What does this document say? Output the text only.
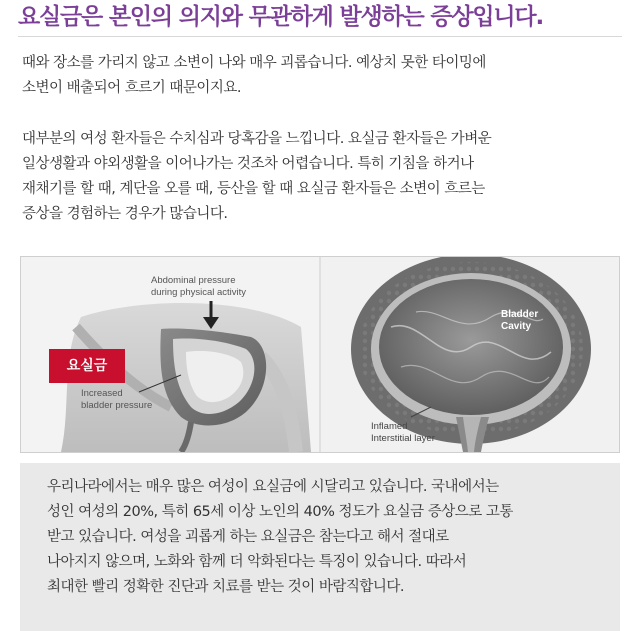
요실금은 본인의 의지와 무관하게 발생하는 증상입니다.
때와 장소를 가리지 않고 소변이 나와 매우 괴롭습니다. 예상치 못한 타이밍에
소변이 배출되어 흐르기 때문이지요.
대부분의 여성 환자들은 수치심과 당혹감을 느낍니다. 요실금 환자들은 가벼운
일상생활과 야외생활을 이어나가는 것조차 어렵습니다. 특히 기침을 하거나
재채기를 할 때, 계단을 오를 때, 등산을 할 때 요실금 환자들은 소변이 흐르는
증상을 경험하는 경우가 많습니다.
Abdominal pressure
during physical activity
Increased
bladder pressure
요실금
Bladder
Cavity
Inflamed
Interstitial layer
우리나라에서는 매우 많은 여성이 요실금에 시달리고 있습니다. 국내에서는
성인 여성의 20%, 특히 65세 이상 노인의 40% 정도가 요실금 증상으로 고통
받고 있습니다. 여성을 괴롭게 하는 요실금은 참는다고 해서 절대로
나아지지 않으며, 노화와 함께 더 악화된다는 특징이 있습니다. 따라서
최대한 빨리 정확한 진단과 치료를 받는 것이 바람직합니다.
